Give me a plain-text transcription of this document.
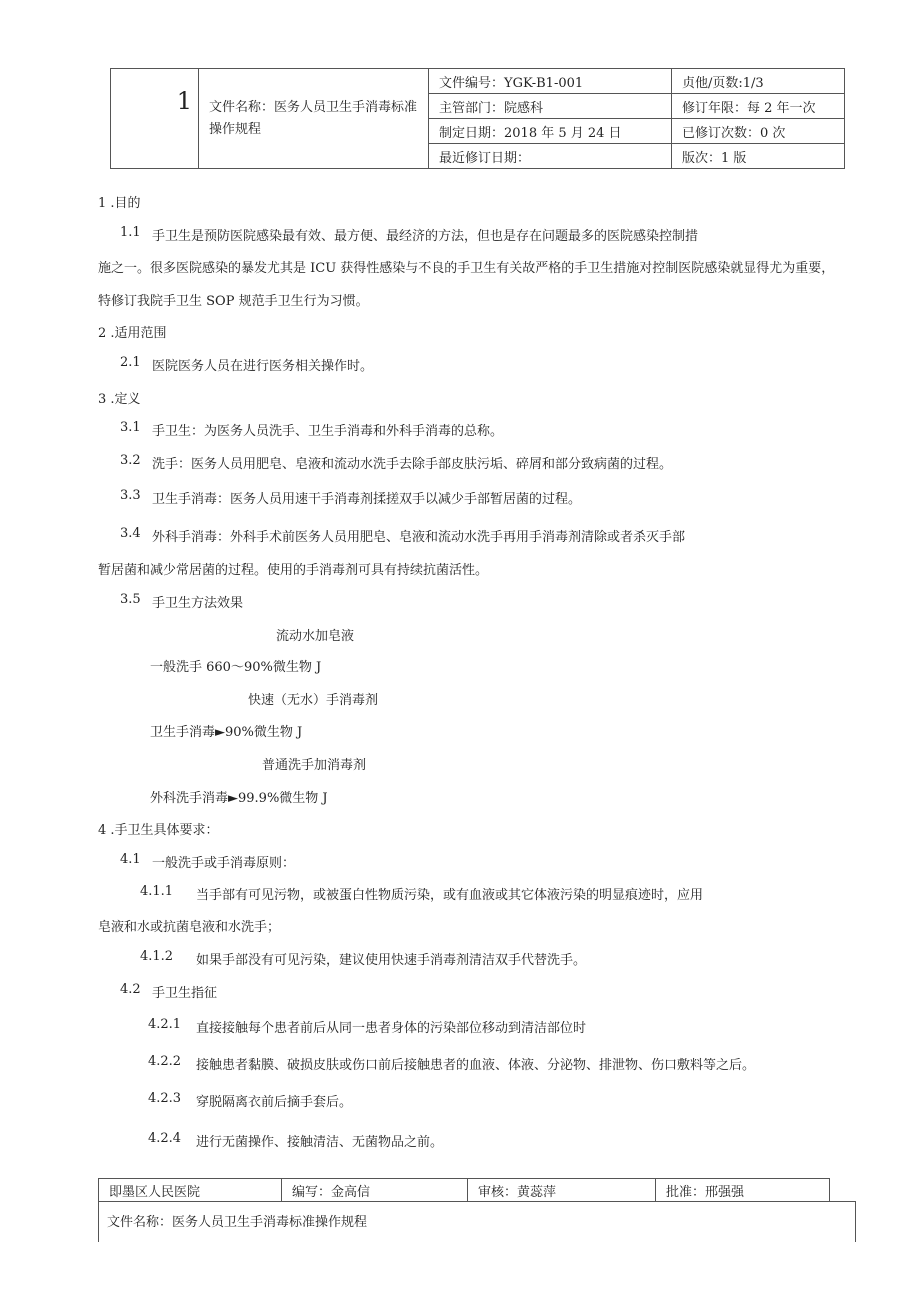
1	文件名称：医务人员卫生手消毒标准操作规程	文件编号：YGK-B1-001	贞他/页数:1/3
		主管部门：院感科	修订年限：每 2 年一次
		制定日期：2018 年 5 月 24 日	已修订次数：0 次
		最近修订日期：	版次：1 版
1 .目的
1.1 手卫生是预防医院感染最有效、最方便、最经济的方法，但也是存在问题最多的医院感染控制措
施之一。很多医院感染的暴发尤其是 ICU 获得性感染与不良的手卫生有关故严格的手卫生措施对控制医院感染就显得尤为重要，
特修订我院手卫生 SOP 规范手卫生行为习惯。
2 .适用范围
2.1 医院医务人员在进行医务相关操作时。
3 .定义
3.1 手卫生：为医务人员洗手、卫生手消毒和外科手消毒的总称。
3.2 洗手：医务人员用肥皂、皂液和流动水洗手去除手部皮肤污垢、碎屑和部分致病菌的过程。
3.3 卫生手消毒：医务人员用速干手消毒剂揉搓双手以减少手部暂居菌的过程。
3.4 外科手消毒：外科手术前医务人员用肥皂、皂液和流动水洗手再用手消毒剂清除或者杀灭手部
暂居菌和减少常居菌的过程。使用的手消毒剂可具有持续抗菌活性。
3.5 手卫生方法效果
流动水加皂液
一般洗手 660～90%微生物 J
快速（无水）手消毒剂
卫生手消毒►90%微生物 J
普通洗手加消毒剂
外科洗手消毒►99.9%微生物 J
4 .手卫生具体要求：
4.1 一般洗手或手消毒原则：
4.1.1 当手部有可见污物，或被蛋白性物质污染，或有血液或其它体液污染的明显痕迹时，应用
皂液和水或抗菌皂液和水洗手；
4.1.2 如果手部没有可见污染，建议使用快速手消毒剂清洁双手代替洗手。
4.2 手卫生指征
4.2.1 直接接触每个患者前后从同一患者身体的污染部位移动到清洁部位时
4.2.2 接触患者黏膜、破损皮肤或伤口前后接触患者的血液、体液、分泌物、排泄物、伤口敷料等之后。
4.2.3 穿脱隔离衣前后摘手套后。
4.2.4 进行无菌操作、接触清洁、无菌物品之前。
即墨区人民医院	编写：金高信	审核：黄蕊萍	批准：邢强强
文件名称：医务人员卫生手消毒标准操作规程
